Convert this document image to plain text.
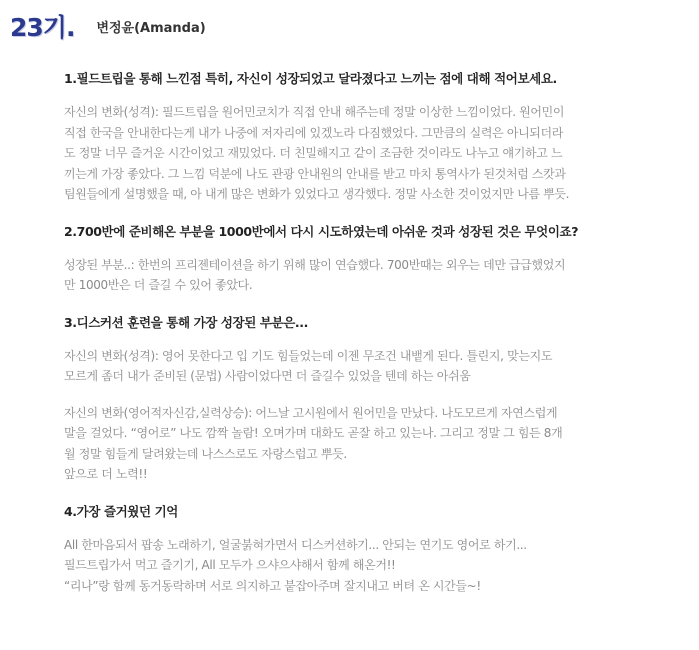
23기. 변정윤(Amanda)

1.필드트립을 통해 느낀점 특히, 자신이 성장되었고 달라졌다고 느끼는 점에 대해 적어보세요.

자신의 변화(성격): 필드트립을 원어민코치가 직접 안내 해주는데 정말 이상한 느낌이었다. 원어민이
직접 한국을 안내한다는게 내가 나중에 저자리에 있겠노라 다짐했었다. 그만큼의 실력은 아니되더라
도 정말 너무 즐거운 시간이었고 재밌었다. 더 친밀해지고 같이 조금한 것이라도 나누고 얘기하고 느
끼는게 가장 좋았다. 그 느낌 덕분에 나도 관광 안내원의 안내를 받고 마치 통역사가 된것처럼 스캇과
팀원들에게 설명했을 때, 아 내게 많은 변화가 있었다고 생각했다. 정말 사소한 것이었지만 나름 뿌듯.

2.700반에 준비해온 부분을 1000반에서 다시 시도하였는데 아쉬운 것과 성장된 것은 무엇이죠?

성장된 부분..: 한번의 프리젠테이션을 하기 위해 많이 연습했다. 700반때는 외우는 데만 급급했었지
만 1000반은 더 즐길 수 있어 좋았다.

3.디스커션 훈련을 통해 가장 성장된 부분은...

자신의 변화(성격): 영어 못한다고 입 기도 힘들었는데 이젠 무조건 내뱉게 된다. 틀린지, 맞는지도
모르게 좀더 내가 준비된 (문법) 사람이었다면 더 즐길수 있었을 텐데 하는 아쉬움

자신의 변화(영어적자신감,실력상승): 어느날 고시원에서 원어민을 만났다. 나도모르게 자연스럽게
말을 걸었다. “영어로” 나도 깜짝 놀람! 오며가며 대화도 곧잘 하고 있는나. 그리고 정말 그 힘든 8개
월 정말 힘들게 달려왔는데 나스스로도 자랑스럽고 뿌듯.
앞으로 더 노력!!

4.가장 즐거웠던 기억

All 한마음되서 팝송 노래하기, 얼굴붉혀가면서 디스커션하기... 안되는 연기도 영어로 하기...
필드트립가서 먹고 즐기기, All 모두가 으샤으샤해서 함께 해온거!!
“리나”랑 함께 동거동락하며 서로 의지하고 붙잡아주며 잘지내고 버텨 온 시간들~!
